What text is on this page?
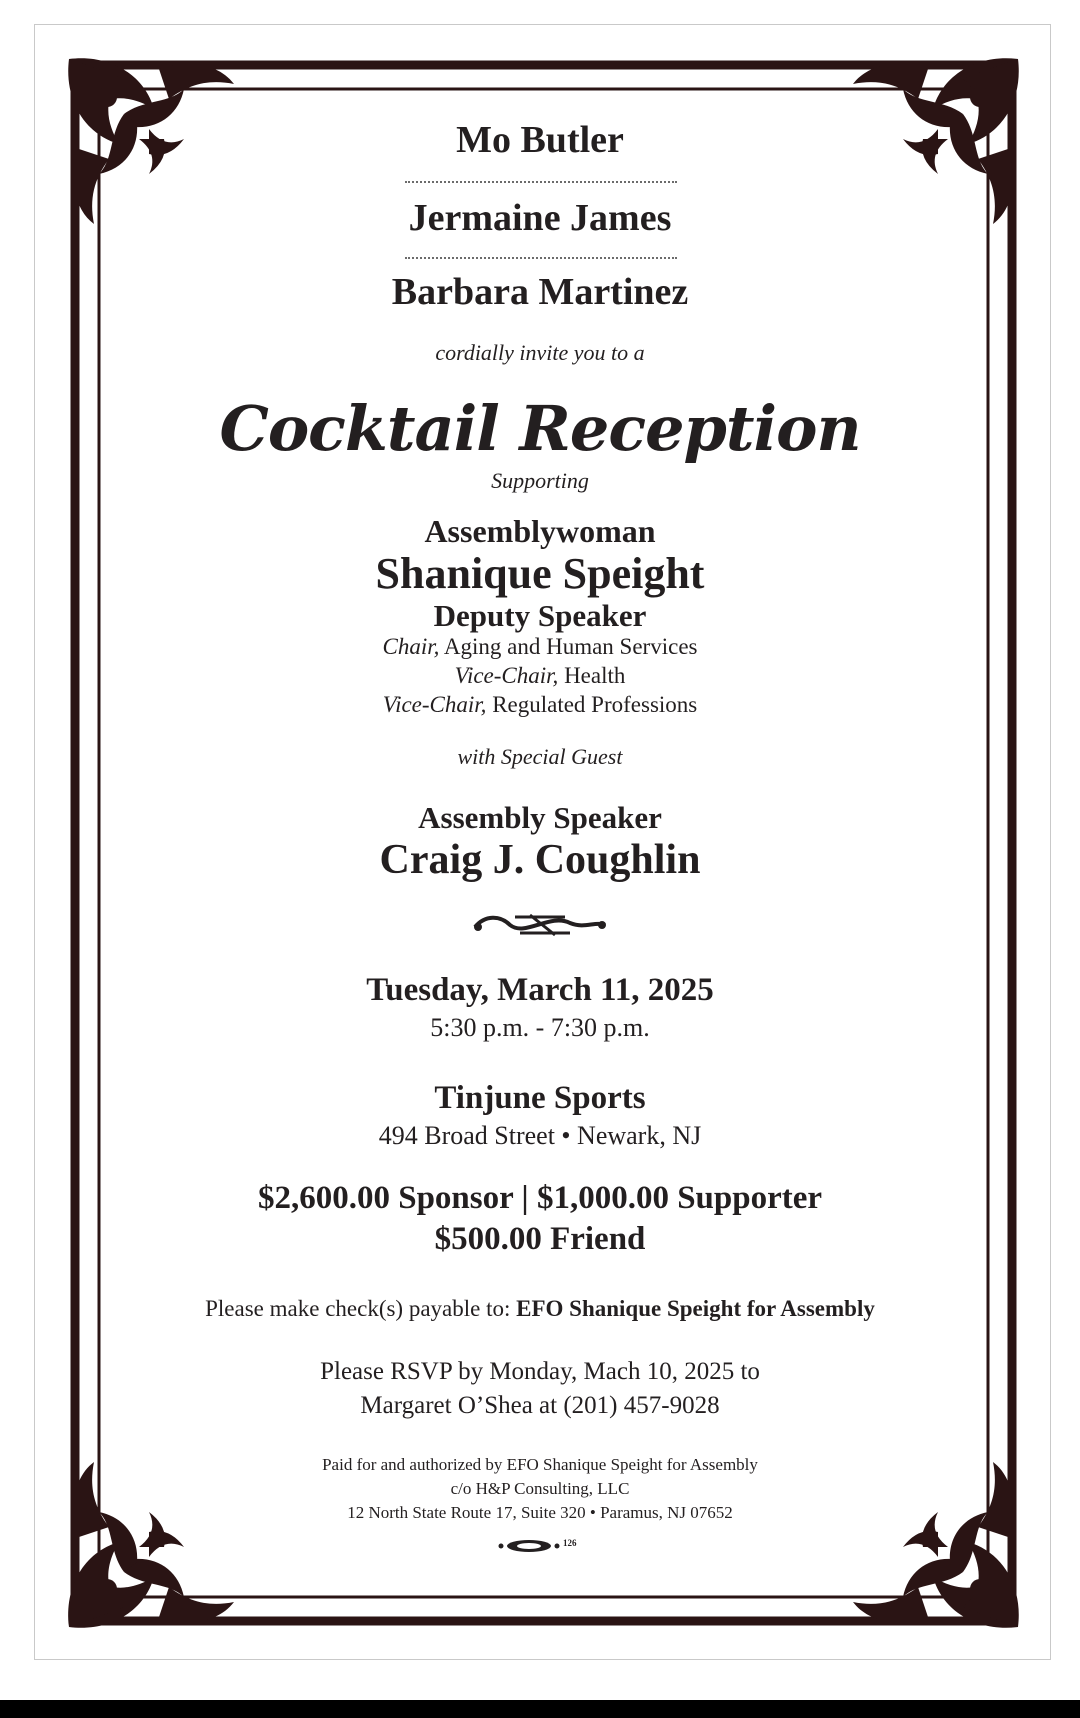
Mo Butler
Jermaine James
Barbara Martinez
cordially invite you to a
Cocktail Reception
Supporting
Assemblywoman
Shanique Speight
Deputy Speaker
Chair, Aging and Human Services
Vice-Chair, Health
Vice-Chair, Regulated Professions
with Special Guest
Assembly Speaker
Craig J. Coughlin
Tuesday, March 11, 2025
5:30 p.m. - 7:30 p.m.
Tinjune Sports
494 Broad Street • Newark, NJ
$2,600.00 Sponsor | $1,000.00 Supporter
$500.00 Friend
Please make check(s) payable to: EFO Shanique Speight for Assembly
Please RSVP by Monday, Mach 10, 2025 to
Margaret O’Shea at (201) 457-9028
Paid for and authorized by EFO Shanique Speight for Assembly
c/o H&P Consulting, LLC
12 North State Route 17, Suite 320 • Paramus, NJ 07652
126
